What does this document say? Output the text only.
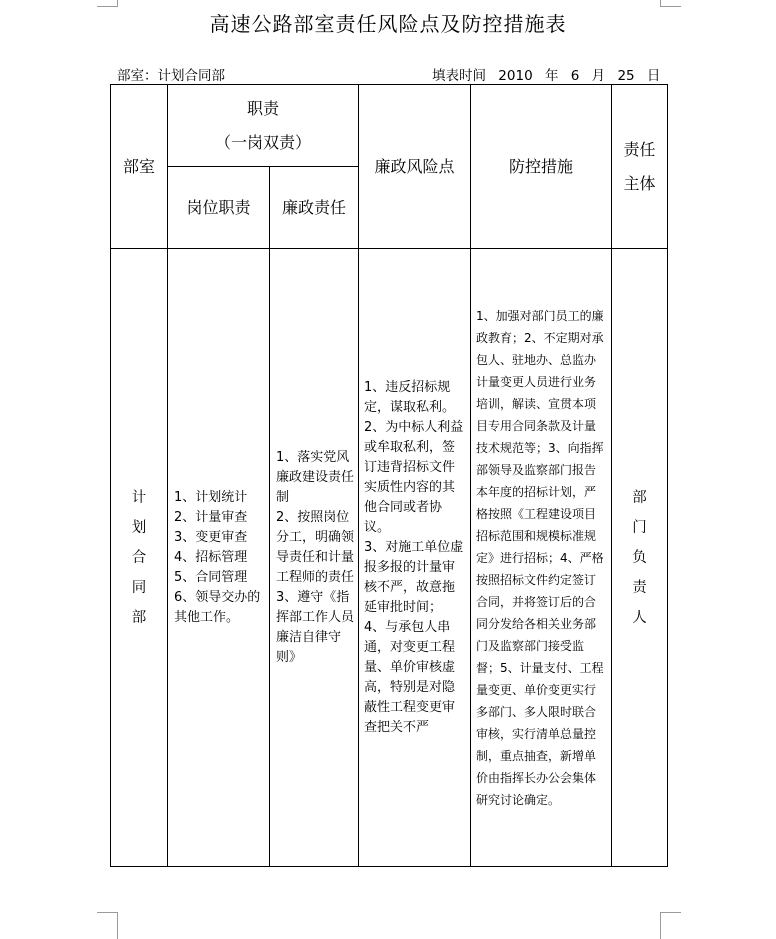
高速公路部室责任风险点及防控措施表
部室：计划合同部	填表时间 2010 年 6 月 25 日
部室
职责
（一岗双责）
岗位职责 廉政责任
廉政风险点	防控措施
责任主体
计划合同部
1、计划统计
2、计量审查
3、变更审查
4、招标管理
5、合同管理
6、领导交办的其他工作。
1、落实党风廉政建设责任制
2、按照岗位分工，明确领导责任和计量工程师的责任
3、遵守《指挥部工作人员廉洁自律守则》
1、违反招标规定，谋取私利。
2、为中标人利益或牟取私利，签订违背招标文件实质性内容的其他合同或者协议。
3、对施工单位虚报多报的计量审核不严，故意拖延审批时间；
4、与承包人串通，对变更工程量、单价审核虚高，特别是对隐蔽性工程变更审查把关不严
1、加强对部门员工的廉政教育；2、不定期对承包人、驻地办、总监办计量变更人员进行业务培训，解读、宣贯本项目专用合同条款及计量技术规范等；3、向指挥部领导及监察部门报告本年度的招标计划，严格按照《工程建设项目招标范围和规模标准规定》进行招标；4、严格按照招标文件约定签订合同，并将签订后的合同分发给各相关业务部门及监察部门接受监督；5、计量支付、工程量变更、单价变更实行多部门、多人限时联合审核，实行清单总量控制，重点抽查，新增单价由指挥长办公会集体研究讨论确定。
部门负责人
